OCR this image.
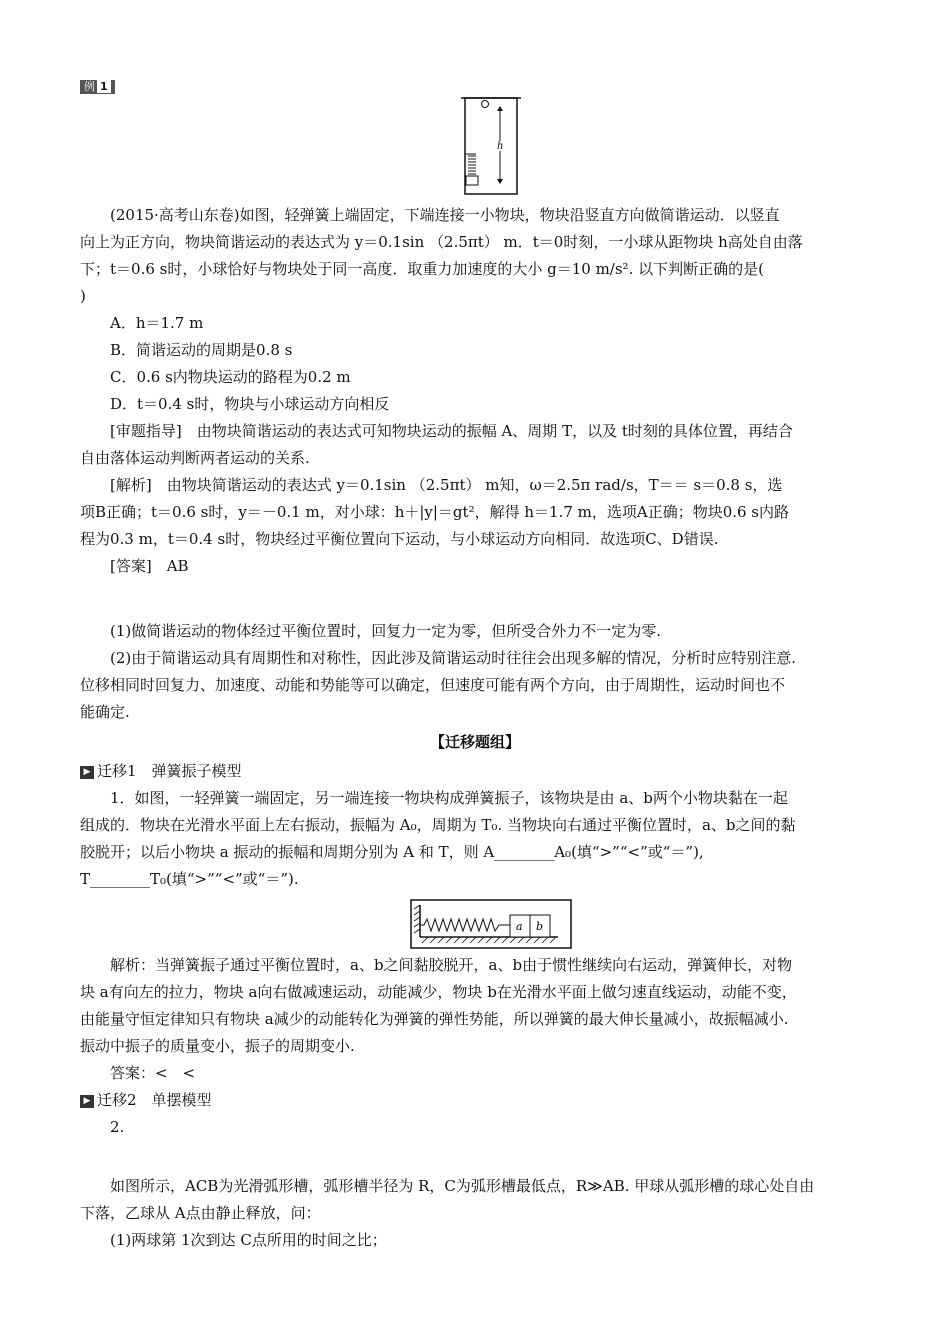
例 1
h
(2015·高考山东卷)如图，轻弹簧上端固定，下端连接一小物块，物块沿竖直方向做简谐运动．以竖直
向上为正方向，物块简谐运动的表达式为 y＝0.1sin （2.5πt） m．t＝0时刻，一小球从距物块 h高处自由落
下；t＝0.6 s时，小球恰好与物块处于同一高度．取重力加速度的大小 g＝10 m/s². 以下判断正确的是(
)
A．h＝1.7 m
B．简谐运动的周期是0.8 s
C．0.6 s内物块运动的路程为0.2 m
D．t＝0.4 s时，物块与小球运动方向相反
[审题指导]　由物块简谐运动的表达式可知物块运动的振幅 A、周期 T，以及 t时刻的具体位置，再结合
自由落体运动判断两者运动的关系.
[解析]　由物块简谐运动的表达式 y＝0.1sin （2.5πt） m知，ω＝2.5π rad/s，T＝＝ s＝0.8 s，选
项B正确；t＝0.6 s时，y＝－0.1 m，对小球：h＋|y|＝gt²，解得 h＝1.7 m，选项A正确；物块0.6 s内路
程为0.3 m，t＝0.4 s时，物块经过平衡位置向下运动，与小球运动方向相同．故选项C、D错误.
[答案]　AB
(1)做简谐运动的物体经过平衡位置时，回复力一定为零，但所受合外力不一定为零.
(2)由于简谐运动具有周期性和对称性，因此涉及简谐运动时往往会出现多解的情况，分析时应特别注意.
位移相同时回复力、加速度、动能和势能等可以确定，但速度可能有两个方向，由于周期性，运动时间也不
能确定.
【迁移题组】
▶ 迁移1　弹簧振子模型
1．如图，一轻弹簧一端固定，另一端连接一物块构成弹簧振子，该物块是由 a、b两个小物块黏在一起
组成的．物块在光滑水平面上左右振动，振幅为 A₀，周期为 T₀. 当物块向右通过平衡位置时，a、b之间的黏
胶脱开；以后小物块 a 振动的振幅和周期分别为 A 和 T，则 A________A₀(填“>”“<”或“＝”),
T________T₀(填“>”“<”或“＝”).
a b
解析：当弹簧振子通过平衡位置时，a、b之间黏胶脱开，a、b由于惯性继续向右运动，弹簧伸长，对物
块 a有向左的拉力，物块 a向右做减速运动，动能减少，物块 b在光滑水平面上做匀速直线运动，动能不变，
由能量守恒定律知只有物块 a减少的动能转化为弹簧的弹性势能，所以弹簧的最大伸长量减小，故振幅减小.
振动中振子的质量变小，振子的周期变小.
答案：<　<
▶ 迁移2　单摆模型
2.
如图所示，ACB为光滑弧形槽，弧形槽半径为 R，C为弧形槽最低点，R≫AB. 甲球从弧形槽的球心处自由
下落，乙球从 A点由静止释放，问：
(1)两球第 1次到达 C点所用的时间之比；
